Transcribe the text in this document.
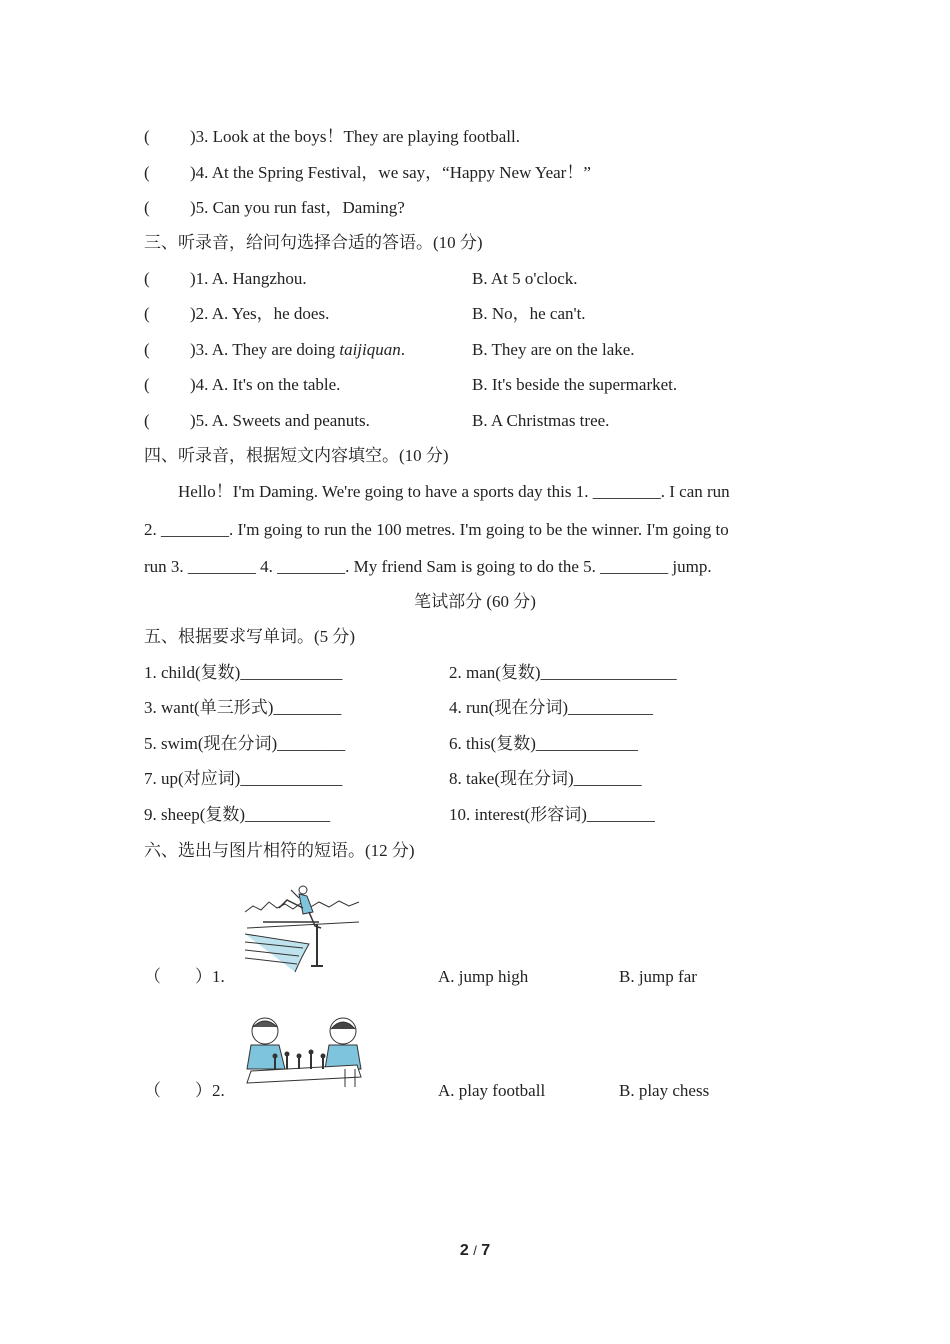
( )3. Look at the boys！They are playing football.
( )4. At the Spring Festival，we say，“Happy New Year！”
( )5. Can you run fast，Daming?
三、听录音，给问句选择合适的答语。(10 分)
( )1. A. Hangzhou.	B. At 5 o'clock.
( )2. A. Yes，he does.	B. No，he can't.
( )3. A. They are doing taijiquan.	B. They are on the lake.
( )4. A. It's on the table.	B. It's beside the supermarket.
( )5. A. Sweets and peanuts.	B. A Christmas tree.
四、听录音，根据短文内容填空。(10 分)
Hello！I'm Daming. We're going to have a sports day this 1. ________. I can run
2. ________. I'm going to run the 100 metres. I'm going to be the winner. I'm going to
run 3. ________ 4. ________. My friend Sam is going to do the 5. ________ jump.
笔试部分 (60 分)
五、根据要求写单词。(5 分)
1. child(复数)____________	2. man(复数)________________
3. want(单三形式)________	4. run(现在分词)__________
5. swim(现在分词)________	6. this(复数)____________
7. up(对应词)____________	8. take(现在分词)________
9. sheep(复数)__________	10. interest(形容词)________
六、选出与图片相符的短语。(12 分)
（　　）1.	A. jump high	B. jump far
（　　）2.	A. play football	B. play chess
2 / 7
